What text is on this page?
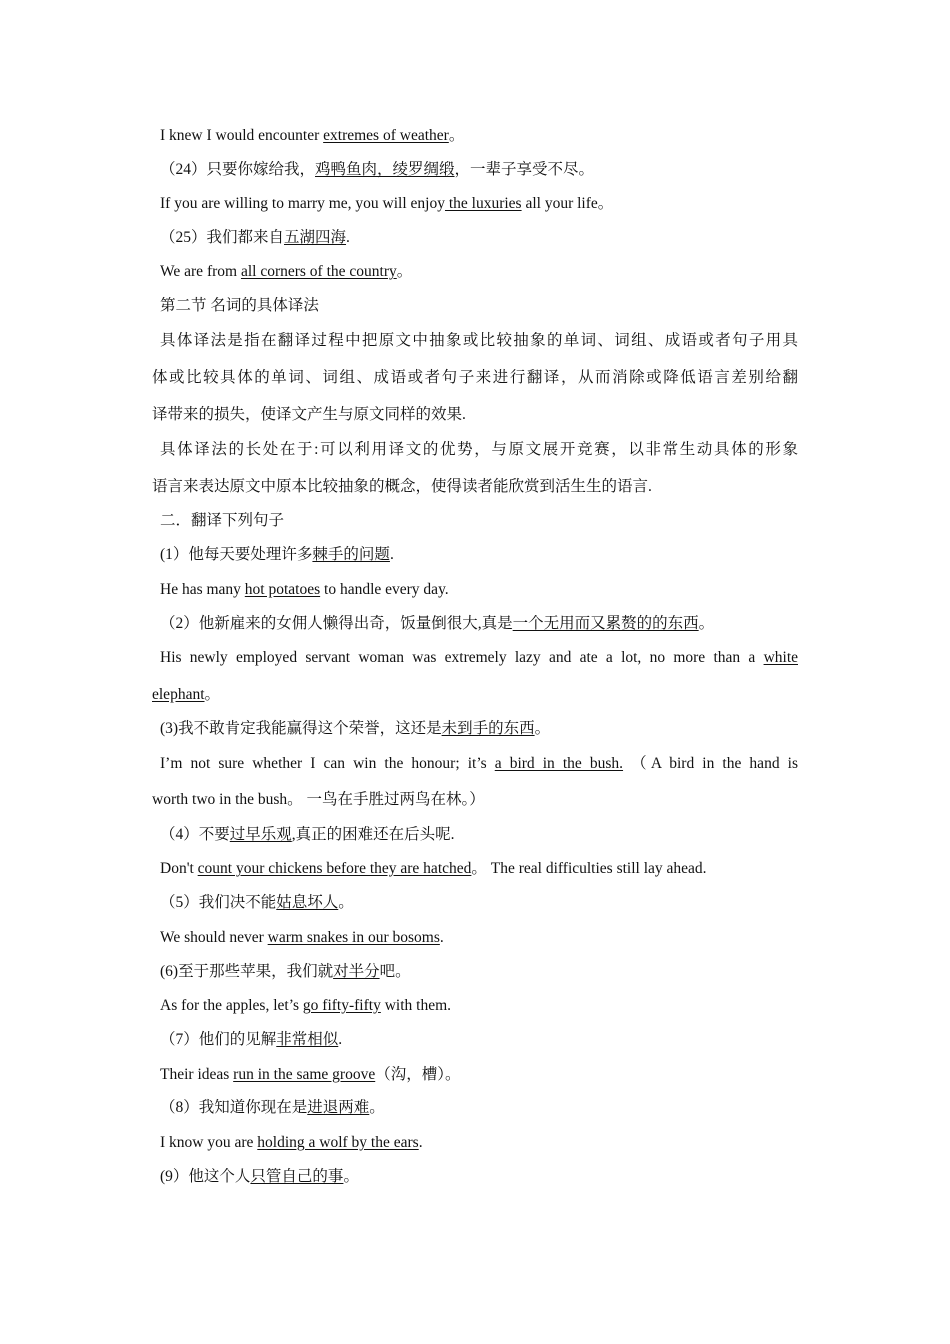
I knew I would encounter extremes of weather。
（24）只要你嫁给我，鸡鸭鱼肉，绫罗绸缎，一辈子享受不尽。
If you are willing to marry me, you will enjoy the luxuries all your life。
（25）我们都来自五湖四海.
We are from all corners of the country。
第二节 名词的具体译法
具体译法是指在翻译过程中把原文中抽象或比较抽象的单词、词组、成语或者句子用具
体或比较具体的单词、词组、成语或者句子来进行翻译，从而消除或降低语言差别给翻
译带来的损失，使译文产生与原文同样的效果.
具体译法的长处在于:可以利用译文的优势，与原文展开竞赛，以非常生动具体的形象
语言来表达原文中原本比较抽象的概念，使得读者能欣赏到活生生的语言.
二．翻译下列句子
(1）他每天要处理许多棘手的问题.
He has many hot potatoes to handle every day.
（2）他新雇来的女佣人懒得出奇，饭量倒很大,真是一个无用而又累赘的的东西。
His newly employed servant woman was extremely lazy and ate a lot, no more than a white
elephant。
(3)我不敢肯定我能赢得这个荣誉，这还是未到手的东西。
I’m not sure whether I can win the honour; it’s a bird in the bush. （A bird in the hand is
worth two in the bush。 一鸟在手胜过两鸟在林。）
（4）不要过早乐观,真正的困难还在后头呢.
Don't count your chickens before they are hatched。 The real difficulties still lay ahead.
（5）我们决不能姑息坏人。
We should never warm snakes in our bosoms.
(6)至于那些苹果，我们就对半分吧。
As for the apples, let’s go fifty-fifty with them.
（7）他们的见解非常相似.
Their ideas run in the same groove（沟，槽）。
（8）我知道你现在是进退两难。
I know you are holding a wolf by the ears.
(9）他这个人只管自己的事。
